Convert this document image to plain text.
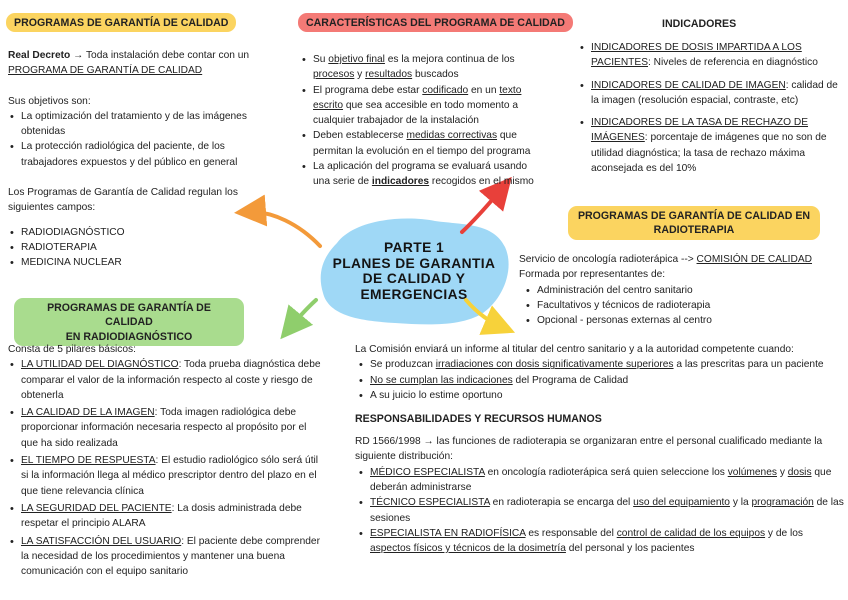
PARTE 1
PLANES DE GARANTIA
DE CALIDAD Y
EMERGENCIAS
PROGRAMAS DE GARANTÍA DE CALIDAD

Real Decreto → Toda instalación debe contar con un
PROGRAMA DE GARANTÍA DE CALIDAD

Sus objetivos son:

• La optimización del tratamiento y de las imágenes obtenidas
• La protección radiológica del paciente, de los trabajadores expuestos y del público en general

Los Programas de Garantía de Calidad regulan los siguientes campos:

• RADIODIAGNÓSTICO
• RADIOTERAPIA
• MEDICINA NUCLEAR
PROGRAMAS DE GARANTÍA DE CALIDAD
EN RADIODIAGNÓSTICO

Consta de 5 pilares básicos:

• LA UTILIDAD DEL DIAGNÓSTICO: Toda prueba diagnóstica debe comparar el valor de la información respecto al coste y riesgo de obtenerla
• LA CALIDAD DE LA IMAGEN: Toda imagen radiológica debe proporcionar información necesaria respecto al propósito por el que ha sido realizada
• EL TIEMPO DE RESPUESTA: El estudio radiológico sólo será útil si la información llega al médico prescriptor dentro del plazo en el que tiene relevancia clínica
• LA SEGURIDAD DEL PACIENTE: La dosis administrada debe respetar el principio ALARA
• LA SATISFACCIÓN DEL USUARIO: El paciente debe comprender la necesidad de los procedimientos y mantener una buena comunicación con el equipo sanitario
CARACTERÍSTICAS DEL PROGRAMA DE CALIDAD
• Su objetivo final es la mejora continua de los procesos y resultados buscados
• El programa debe estar codificado en un texto escrito que sea accesible en todo momento a cualquier trabajador de la instalación
• Deben establecerse medidas correctivas que permitan la evolución en el tiempo del programa
• La aplicación del programa se evaluará usando una serie de indicadores recogidos en el mismo
INDICADORES
• INDICADORES DE DOSIS IMPARTIDA A LOS PACIENTES: Niveles de referencia en diagnóstico
• INDICADORES DE CALIDAD DE IMAGEN: calidad de la imagen (resolución espacial, contraste, etc)
• INDICADORES DE LA TASA DE RECHAZO DE IMÁGENES: porcentaje de imágenes que no son de utilidad diagnóstica; la tasa de rechazo máxima aconsejada es del 10%
PROGRAMAS DE GARANTÍA DE CALIDAD EN
RADIOTERAPIA

Servicio de oncología radioterápica --> COMISIÓN DE CALIDAD

Formada por representantes de:

• Administración del centro sanitario
• Facultativos y técnicos de radioterapia
• Opcional - personas externas al centro

La Comisión enviará un informe al titular del centro sanitario y a la autoridad competente cuando:

• Se produzcan irradiaciones con dosis significativamente superiores a las prescritas para un paciente
• No se cumplan las indicaciones del Programa de Calidad
• A su juicio lo estime oportuno

RESPONSABILIDADES Y RECURSOS HUMANOS

RD 1566/1998 → las funciones de radioterapia se organizaran entre el personal cualificado mediante la siguiente distribución:

• MÉDICO ESPECIALISTA en oncología radioterápica será quien seleccione los volúmenes y dosis que deberán administrarse
• TÉCNICO ESPECIALISTA en radioterapia se encarga del uso del equipamiento y la programación de las sesiones
• ESPECIALISTA EN RADIOFÍSICA es responsable del control de calidad de los equipos y de los aspectos físicos y técnicos de la dosimetría del personal y los pacientes
